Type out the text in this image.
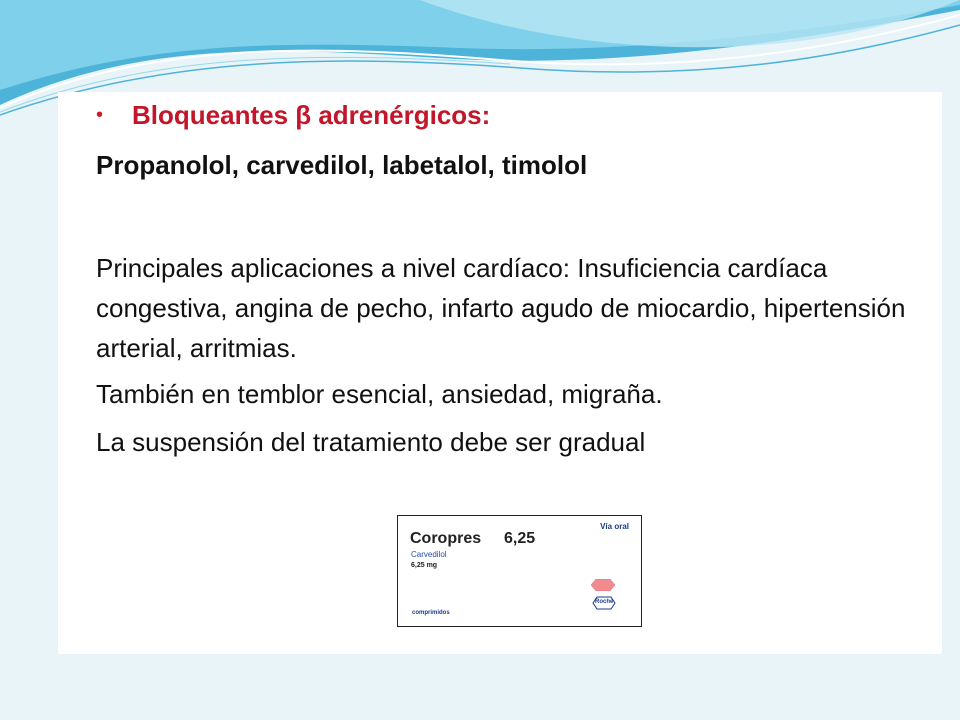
•	Bloqueantes β adrenérgicos:
Propanolol, carvedilol, labetalol, timolol
Principales aplicaciones a nivel cardíaco: Insuficiencia cardíaca congestiva, angina de pecho, infarto agudo de miocardio, hipertensión arterial, arritmias.
También en temblor esencial, ansiedad, migraña.
La suspensión del tratamiento debe ser gradual
Coropres 6,25
Vía oral
Carvedilol
6,25 mg
comprimidos
Roche
